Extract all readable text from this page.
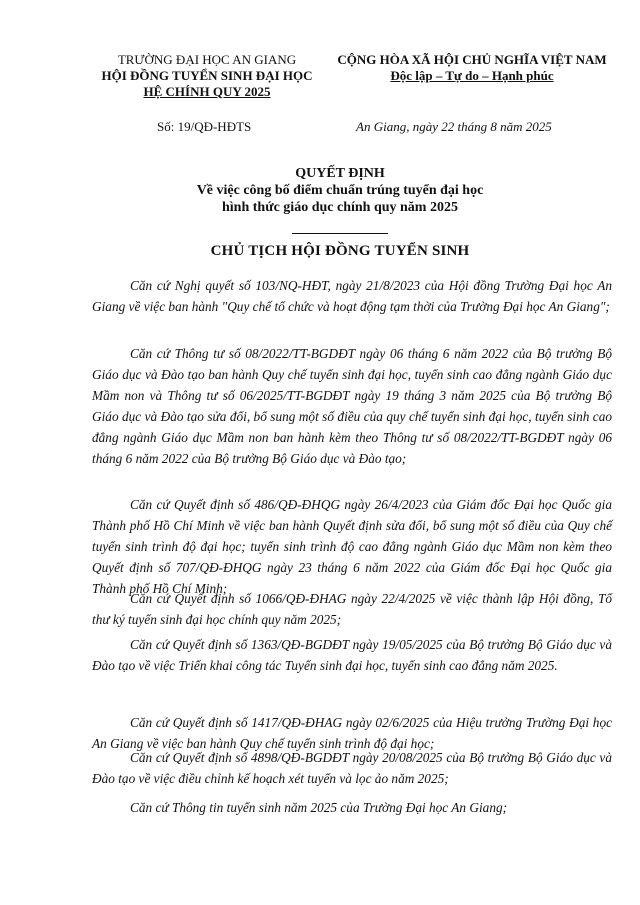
TRƯỜNG ĐẠI HỌC AN GIANG
HỘI ĐỒNG TUYỂN SINH ĐẠI HỌC
HỆ CHÍNH QUY 2025
CỘNG HÒA XÃ HỘI CHỦ NGHĨA VIỆT NAM
Độc lập – Tự do – Hạnh phúc
Số: 19/QĐ-HĐTS	An Giang, ngày 22 tháng 8 năm 2025
QUYẾT ĐỊNH
Về việc công bố điểm chuẩn trúng tuyển đại học
hình thức giáo dục chính quy năm 2025
CHỦ TỊCH HỘI ĐỒNG TUYỂN SINH

Căn cứ Nghị quyết số 103/NQ-HĐT, ngày 21/8/2023 của Hội đồng Trường Đại học An Giang về việc ban hành "Quy chế tổ chức và hoạt động tạm thời của Trường Đại học An Giang";

Căn cứ Thông tư số 08/2022/TT-BGDĐT ngày 06 tháng 6 năm 2022 của Bộ trưởng Bộ Giáo dục và Đào tạo ban hành Quy chế tuyển sinh đại học, tuyển sinh cao đẳng ngành Giáo dục Mầm non và Thông tư số 06/2025/TT-BGDĐT ngày 19 tháng 3 năm 2025 của Bộ trưởng Bộ Giáo dục và Đào tạo sửa đổi, bổ sung một số điều của quy chế tuyển sinh đại học, tuyển sinh cao đẳng ngành Giáo dục Mầm non ban hành kèm theo Thông tư số 08/2022/TT-BGDĐT ngày 06 tháng 6 năm 2022 của Bộ trưởng Bộ Giáo dục và Đào tạo;

Căn cứ Quyết định số 486/QĐ-ĐHQG ngày 26/4/2023 của Giám đốc Đại học Quốc gia Thành phố Hồ Chí Minh về việc ban hành Quyết định sửa đổi, bổ sung một số điều của Quy chế tuyển sinh trình độ đại học; tuyển sinh trình độ cao đẳng ngành Giáo dục Mầm non kèm theo Quyết định số 707/QĐ-ĐHQG ngày 23 tháng 6 năm 2022 của Giám đốc Đại học Quốc gia Thành phố Hồ Chí Minh;

Căn cứ Quyết định số 1066/QĐ-ĐHAG ngày 22/4/2025 về việc thành lập Hội đồng, Tổ thư ký tuyển sinh đại học chính quy năm 2025;

Căn cứ Quyết định số 1363/QĐ-BGDĐT ngày 19/05/2025 của Bộ trưởng Bộ Giáo dục và Đào tạo về việc Triển khai công tác Tuyển sinh đại học, tuyển sinh cao đẳng năm 2025.

Căn cứ Quyết định số 1417/QĐ-ĐHAG ngày 02/6/2025 của Hiệu trưởng Trường Đại học An Giang về việc ban hành Quy chế tuyển sinh trình độ đại học;

Căn cứ Quyết định số 4898/QĐ-BGDĐT ngày 20/08/2025 của Bộ trưởng Bộ Giáo dục và Đào tạo về việc điều chỉnh kế hoạch xét tuyển và lọc ảo năm 2025;

Căn cứ Thông tin tuyển sinh năm 2025 của Trường Đại học An Giang;
